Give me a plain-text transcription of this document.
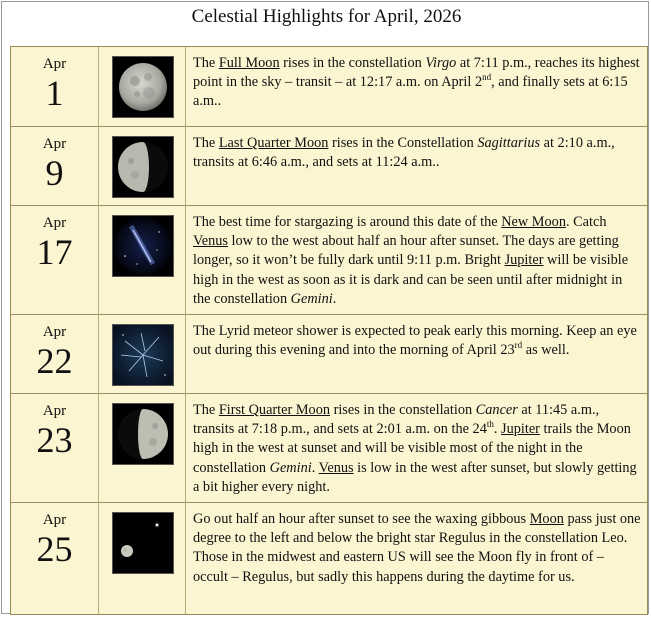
Celestial Highlights for April, 2026
Apr
1		The Full Moon rises in the constellation Virgo at 7:11 p.m., reaches its highest point in the sky – transit – at 12:17 a.m. on April 2nd, and finally sets at 6:15 a.m..

Apr
9		The Last Quarter Moon rises in the Constellation Sagittarius at 2:10 a.m., transits at 6:46 a.m., and sets at 11:24 a.m..

Apr
17		The best time for stargazing is around this date of the New Moon. Catch Venus low to the west about half an hour after sunset. The days are getting longer, so it won’t be fully dark until 9:11 p.m. Bright Jupiter will be visible high in the west as soon as it is dark and can be seen until after midnight in the constellation Gemini.

Apr
22		The Lyrid meteor shower is expected to peak early this morning. Keep an eye out during this evening and into the morning of April 23rd as well.

Apr
23		The First Quarter Moon rises in the constellation Cancer at 11:45 a.m., transits at 7:18 p.m., and sets at 2:01 a.m. on the 24th. Jupiter trails the Moon high in the west at sunset and will be visible most of the night in the constellation Gemini. Venus is low in the west after sunset, but slowly getting a bit higher every night.

Apr
25		Go out half an hour after sunset to see the waxing gibbous Moon pass just one degree to the left and below the bright star Regulus in the constellation Leo. Those in the midwest and eastern US will see the Moon fly in front of – occult – Regulus, but sadly this happens during the daytime for us.
